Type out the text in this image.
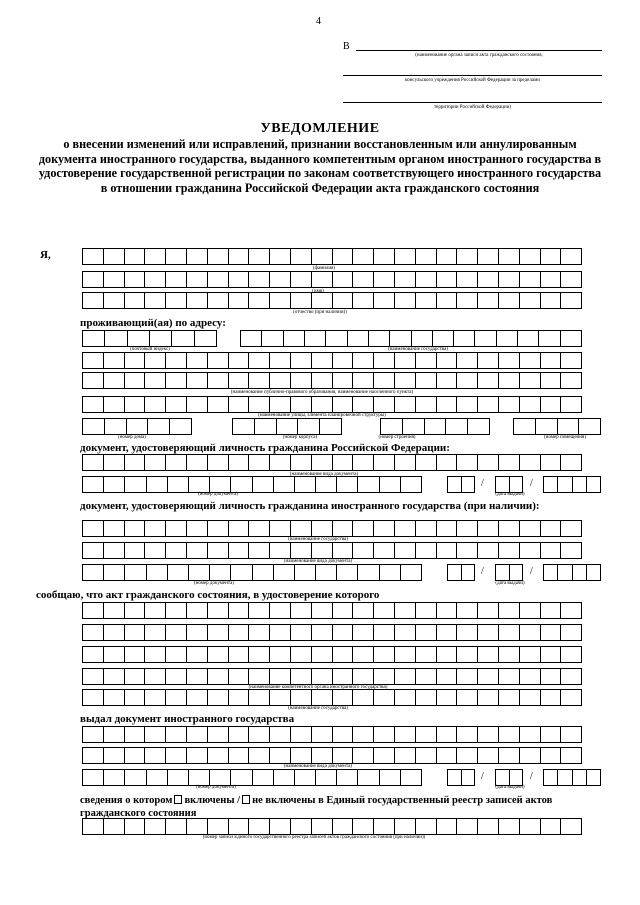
4
В
(наименование органа записи акта гражданского состояния,
консульского учреждения Российской Федерации за пределами
территории Российской Федерации)
УВЕДОМЛЕНИЕ
о внесении изменений или исправлений, признании восстановленным или аннулированным документа иностранного государства, выданного компетентным органом иностранного государства в удостоверение государственной регистрации по законам соответствующего иностранного государства в отношении гражданина Российской Федерации акта гражданского состояния
Я,
(фамилия)
(имя)
(отчество (при наличии))
проживающий(ая) по адресу:
(почтовый индекс)	(наименование государства)
(наименование публично-правового образования, наименование населенного пункта)
(наименование улицы, элемента планировочной структуры)
(номер дома)	(номер корпуса)	(номер строения)	(номер помещения)
документ, удостоверяющий личность гражданина Российской Федерации:
(наименование вида документа)
(номер документа)
/	/
(дата выдачи)
документ, удостоверяющий личность гражданина иностранного государства (при наличии):
(наименование государства)
(наименование вида документа)
(номер документа)
/	/
(дата выдачи)
сообщаю, что акт гражданского состояния, в удостоверение которого
(наименование компетентного органа иностранного государства)
(наименование государства)
выдал документ иностранного государства
(наименование вида документа)
(номер документа)
/	/
(дата выдачи)
сведения о котором включены / не включены в Единый государственный реестр записей актов
гражданского состояния
(номер записи Единого государственного реестра записей актов гражданского состояния (при наличии))
